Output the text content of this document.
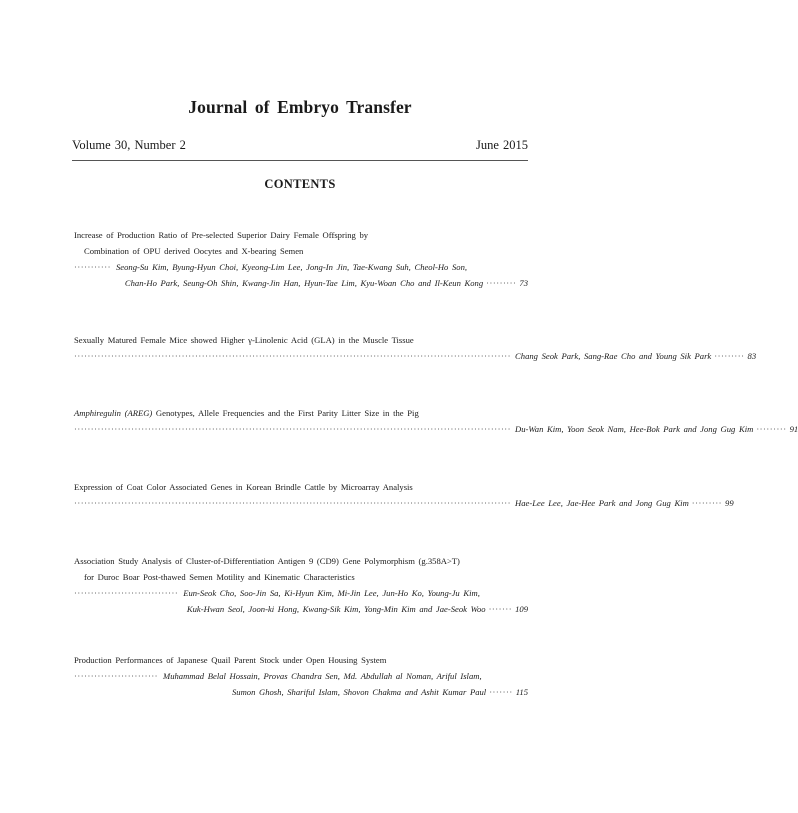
Journal of Embryo Transfer
Volume 30, Number 2	June 2015
CONTENTS
Increase of Production Ratio of Pre-selected Superior Dairy Female Offspring by
Combination of OPU derived Oocytes and X-bearing Semen
··········· Seong-Su Kim, Byung-Hyun Choi, Kyeong-Lim Lee, Jong-In Jin, Tae-Kwang Suh, Cheol-Ho Son,
Chan-Ho Park, Seung-Oh Shin, Kwang-Jin Han, Hyun-Tae Lim, Kyu-Woan Cho and Il-Keun Kong ········· 73
Sexually Matured Female Mice showed Higher γ-Linolenic Acid (GLA) in the Muscle Tissue
·································································································································· Chang Seok Park, Sang-Rae Cho and Young Sik Park ········· 83
Amphiregulin (AREG) Genotypes, Allele Frequencies and the First Parity Litter Size in the Pig
·································································································································· Du-Wan Kim, Yoon Seok Nam, Hee-Bok Park and Jong Gug Kim ········· 91
Expression of Coat Color Associated Genes in Korean Brindle Cattle by Microarray Analysis
·································································································································· Hae-Lee Lee, Jae-Hee Park and Jong Gug Kim ········· 99
Association Study Analysis of Cluster-of-Differentiation Antigen 9 (CD9) Gene Polymorphism (g.358A>T)
for Duroc Boar Post-thawed Semen Motility and Kinematic Characteristics
······························· Eun-Seok Cho, Soo-Jin Sa, Ki-Hyun Kim, Mi-Jin Lee, Jun-Ho Ko, Young-Ju Kim,
Kuk-Hwan Seol, Joon-ki Hong, Kwang-Sik Kim, Yong-Min Kim and Jae-Seok Woo ······· 109
Production Performances of Japanese Quail Parent Stock under Open Housing System
························· Muhammad Belal Hossain, Provas Chandra Sen, Md. Abdullah al Noman, Ariful Islam,
Sumon Ghosh, Shariful Islam, Shovon Chakma and Ashit Kumar Paul ······· 115
